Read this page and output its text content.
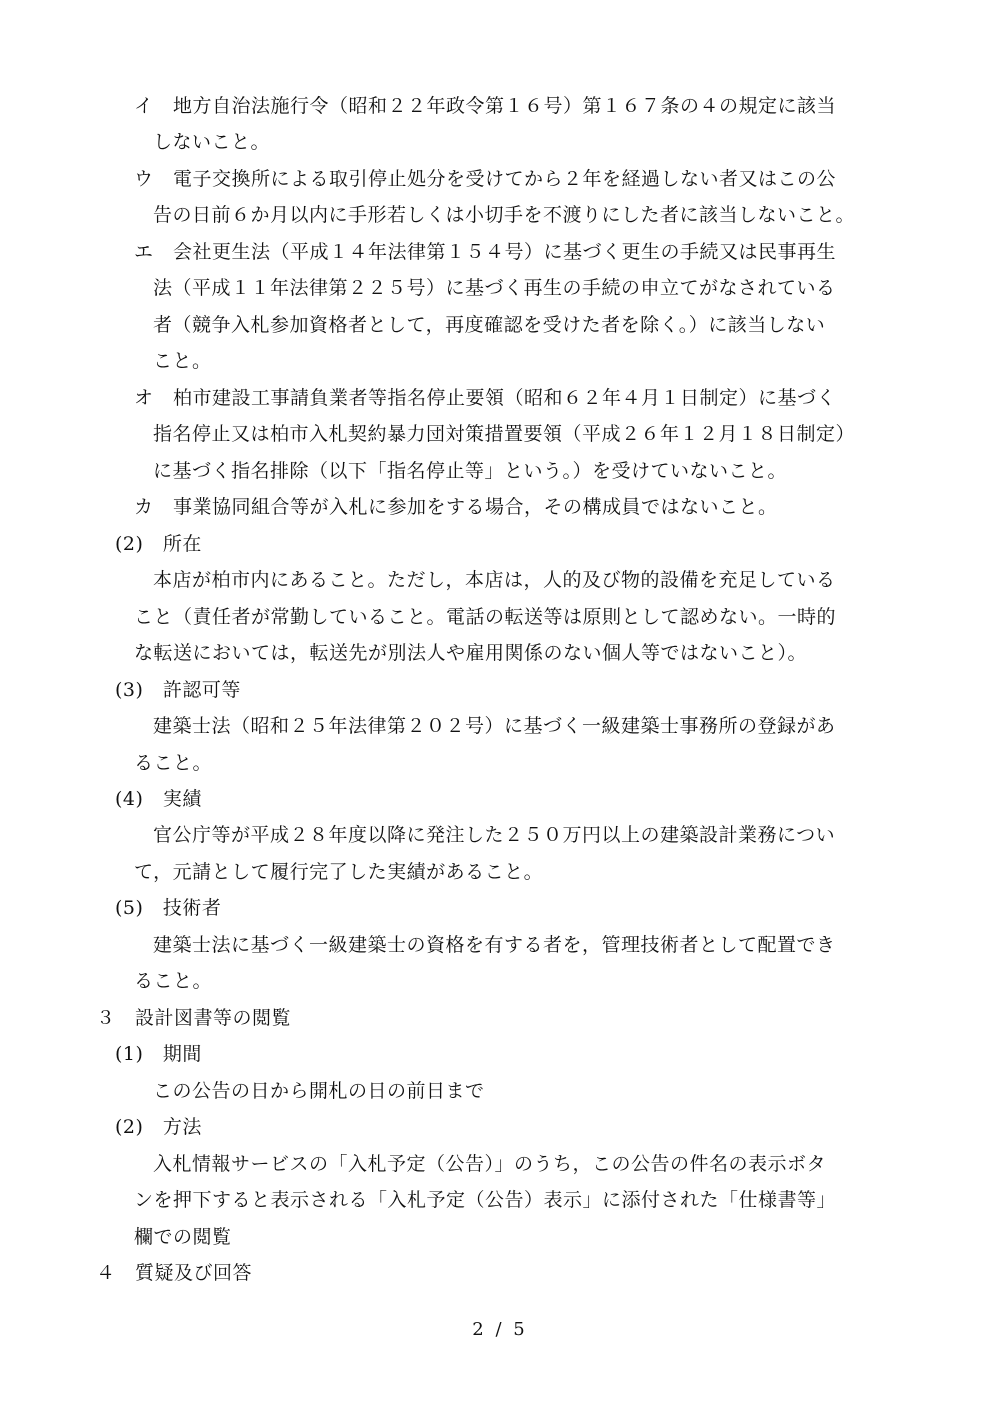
イ　地方自治法施行令（昭和２２年政令第１６号）第１６７条の４の規定に該当

しないこと。

ウ　電子交換所による取引停止処分を受けてから２年を経過しない者又はこの公

告の日前６か月以内に手形若しくは小切手を不渡りにした者に該当しないこと。

エ　会社更生法（平成１４年法律第１５４号）に基づく更生の手続又は民事再生

法（平成１１年法律第２２５号）に基づく再生の手続の申立てがなされている

者（競争入札参加資格者として，再度確認を受けた者を除く。）に該当しない

こと。

オ　柏市建設工事請負業者等指名停止要領（昭和６２年４月１日制定）に基づく

指名停止又は柏市入札契約暴力団対策措置要領（平成２６年１２月１８日制定）

に基づく指名排除（以下「指名停止等」という。）を受けていないこと。

カ　事業協同組合等が入札に参加をする場合，その構成員ではないこと。

(2)　所在

本店が柏市内にあること。ただし，本店は，人的及び物的設備を充足している

こと（責任者が常勤していること。電話の転送等は原則として認めない。一時的

な転送においては，転送先が別法人や雇用関係のない個人等ではないこと）。

(3)　許認可等

建築士法（昭和２５年法律第２０２号）に基づく一級建築士事務所の登録があ

ること。

(4)　実績

官公庁等が平成２８年度以降に発注した２５０万円以上の建築設計業務につい

て，元請として履行完了した実績があること。

(5)　技術者

建築士法に基づく一級建築士の資格を有する者を，管理技術者として配置でき

ること。

３　設計図書等の閲覧

(1)　期間

この公告の日から開札の日の前日まで

(2)　方法

入札情報サービスの「入札予定（公告）」のうち，この公告の件名の表示ボタ

ンを押下すると表示される「入札予定（公告）表示」に添付された「仕様書等」

欄での閲覧

４　質疑及び回答

2 / 5
